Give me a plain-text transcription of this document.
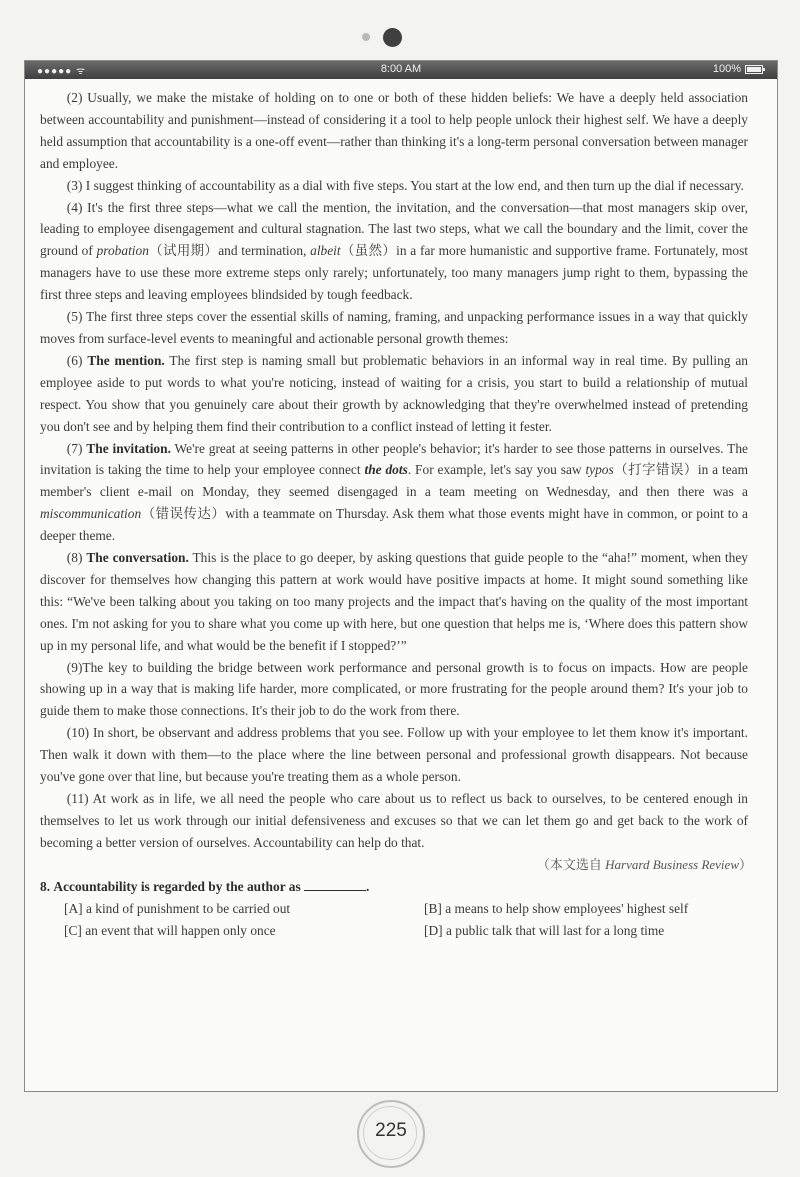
●●●●● ᯤ	8:00 AM	100%

(2) Usually, we make the mistake of holding on to one or both of these hidden beliefs: We have a deeply held association between accountability and punishment—instead of considering it a tool to help people unlock their highest self. We have a deeply held assumption that accountability is a one-off event—rather than thinking it's a long-term personal conversation between manager and employee.

(3) I suggest thinking of accountability as a dial with five steps. You start at the low end, and then turn up the dial if necessary.

(4) It's the first three steps—what we call the mention, the invitation, and the conversation—that most managers skip over, leading to employee disengagement and cultural stagnation. The last two steps, what we call the boundary and the limit, cover the ground of probation（试用期）and termination, albeit（虽然）in a far more humanistic and supportive frame. Fortunately, most managers have to use these more extreme steps only rarely; unfortunately, too many managers jump right to them, bypassing the first three steps and leaving employees blindsided by tough feedback.

(5) The first three steps cover the essential skills of naming, framing, and unpacking performance issues in a way that quickly moves from surface-level events to meaningful and actionable personal growth themes:

(6) The mention. The first step is naming small but problematic behaviors in an informal way in real time. By pulling an employee aside to put words to what you're noticing, instead of waiting for a crisis, you start to build a relationship of mutual respect. You show that you genuinely care about their growth by acknowledging that they're overwhelmed instead of pretending you don't see and by helping them find their contribution to a conflict instead of letting it fester.

(7) The invitation. We're great at seeing patterns in other people's behavior; it's harder to see those patterns in ourselves. The invitation is taking the time to help your employee connect the dots. For example, let's say you saw typos（打字错误）in a team member's client e-mail on Monday, they seemed disengaged in a team meeting on Wednesday, and then there was a miscommunication（错误传达）with a teammate on Thursday. Ask them what those events might have in common, or point to a deeper theme.

(8) The conversation. This is the place to go deeper, by asking questions that guide people to the “aha!” moment, when they discover for themselves how changing this pattern at work would have positive impacts at home. It might sound something like this: “We've been talking about you taking on too many projects and the impact that's having on the quality of the most important ones. I'm not asking for you to share what you come up with here, but one question that helps me is, ‘Where does this pattern show up in my personal life, and what would be the benefit if I stopped?’”

(9)The key to building the bridge between work performance and personal growth is to focus on impacts. How are people showing up in a way that is making life harder, more complicated, or more frustrating for the people around them? It's your job to guide them to make those connections. It's their job to do the work from there.

(10) In short, be observant and address problems that you see. Follow up with your employee to let them know it's important. Then walk it down with them—to the place where the line between personal and professional growth disappears. Not because you've gone over that line, but because you're treating them as a whole person.

(11) At work as in life, we all need the people who care about us to reflect us back to ourselves, to be centered enough in themselves to let us work through our initial defensiveness and excuses so that we can let them go and get back to the work of becoming a better version of ourselves. Accountability can help do that.

（本文选自 Harvard Business Review）
8. Accountability is regarded by the author as	.
[A] a kind of punishment to be carried out	[B] a means to help show employees' highest self
[C] an event that will happen only once	[D] a public talk that will last for a long time
225
